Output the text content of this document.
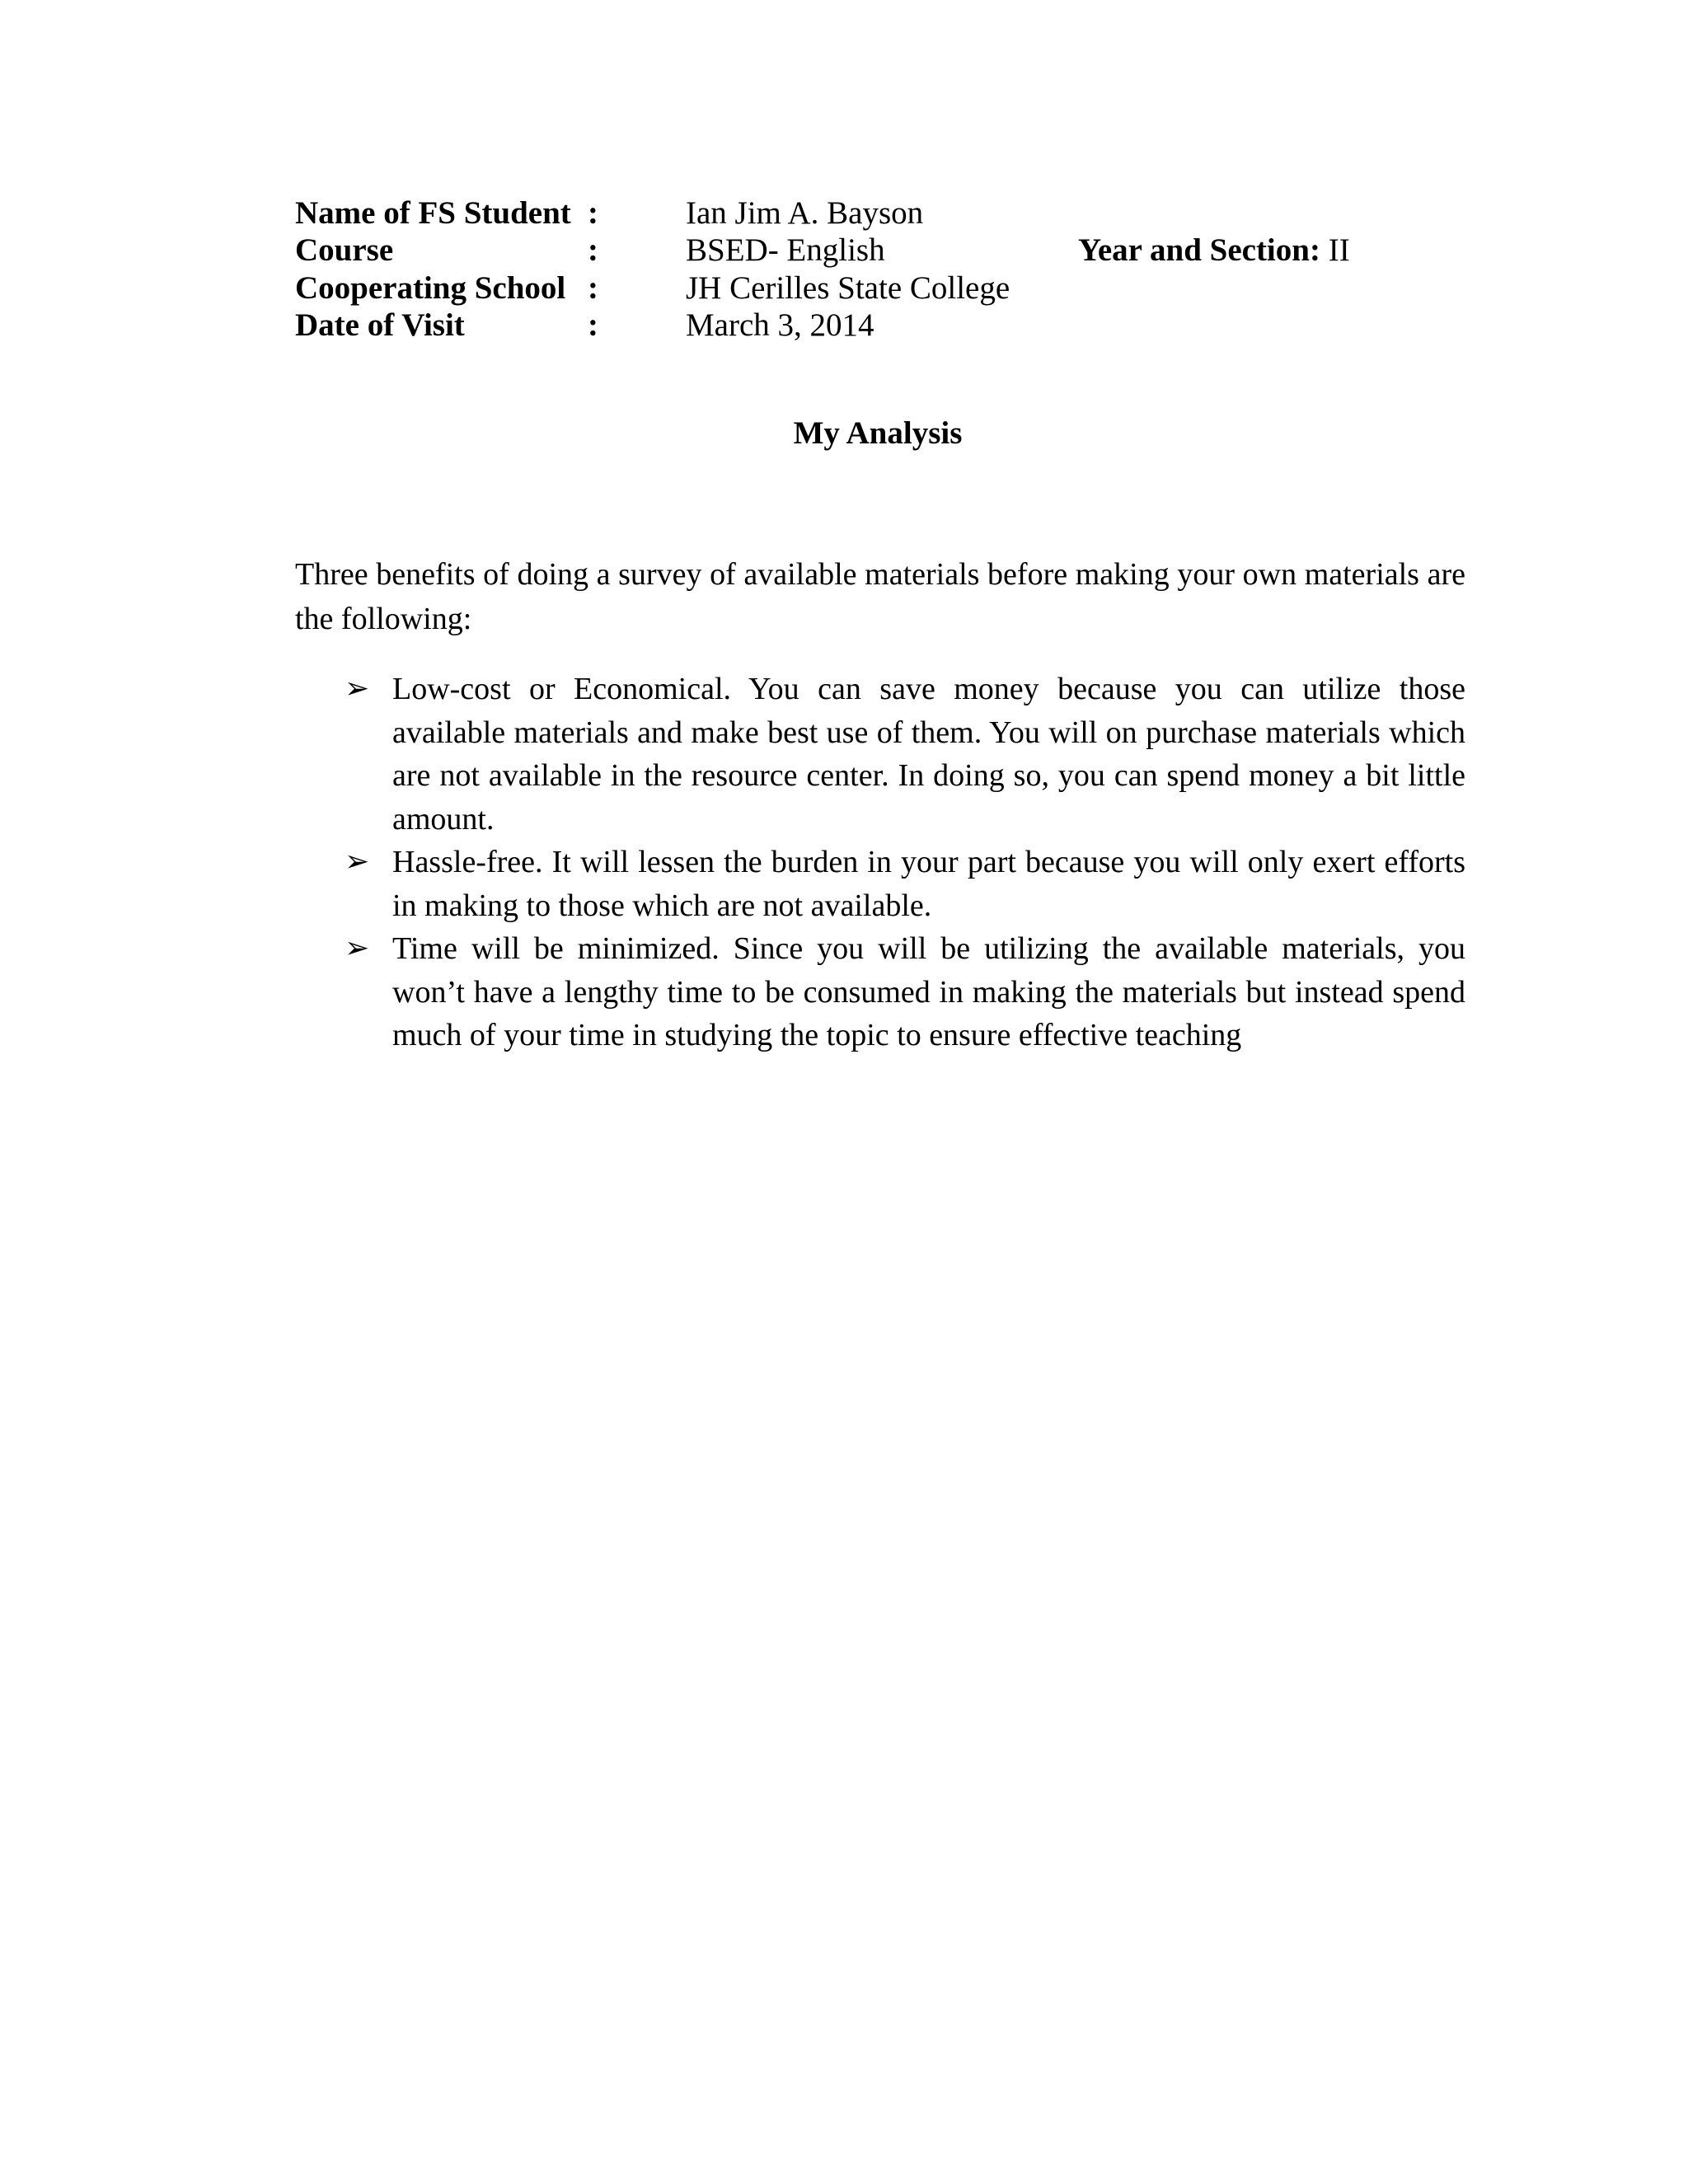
Name of FS Student :	Ian Jim A. Bayson
Course	:	BSED- English	Year and Section: II
Cooperating School :	JH Cerilles State College
Date of Visit	:	March 3, 2014
My Analysis
Three benefits of doing a survey of available materials before making your own materials are the following:
➢ Low-cost or Economical. You can save money because you can utilize those available materials and make best use of them. You will on purchase materials which are not available in the resource center. In doing so, you can spend money a bit little amount.
➢ Hassle-free. It will lessen the burden in your part because you will only exert efforts in making to those which are not available.
➢ Time will be minimized. Since you will be utilizing the available materials, you won’t have a lengthy time to be consumed in making the materials but instead spend much of your time in studying the topic to ensure effective teaching
